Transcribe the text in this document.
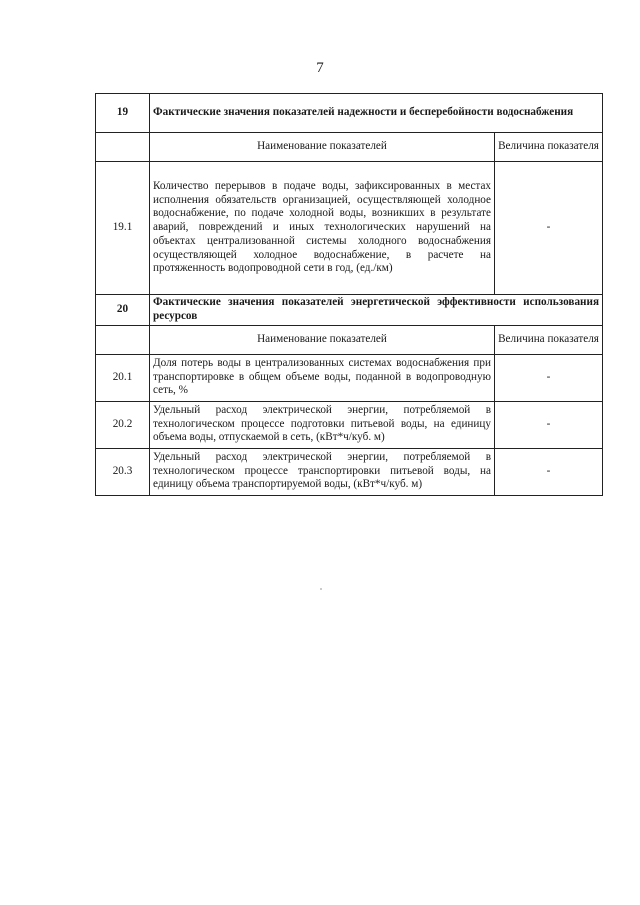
7
19	Фактические значения показателей надежности и бесперебойности водоснабжения	
	Наименование показателей	Величина показателя
19.1	Количество перерывов в подаче воды, зафиксированных в местах исполнения обязательств организацией, осуществляющей холодное водоснабжение, по подаче холодной воды, возникших в результате аварий, повреждений и иных технологических нарушений на объектах централизованной системы холодного водоснабжения осуществляющей холодное водоснабжение, в расчете на протяженность водопроводной сети в год, (ед./км)	-
20	Фактические значения показателей энергетической эффективности использования ресурсов	
	Наименование показателей	Величина показателя
20.1	Доля потерь воды в централизованных системах водоснабжения при транспортировке в общем объеме воды, поданной в водопроводную сеть, %	-
20.2	Удельный расход электрической энергии, потребляемой в технологическом процессе подготовки питьевой воды, на единицу объема воды, отпускаемой в сеть, (кВт*ч/куб. м)	-
20.3	Удельный расход электрической энергии, потребляемой в технологическом процессе транспортировки питьевой воды, на единицу объема транспортируемой воды, (кВт*ч/куб. м)	-
